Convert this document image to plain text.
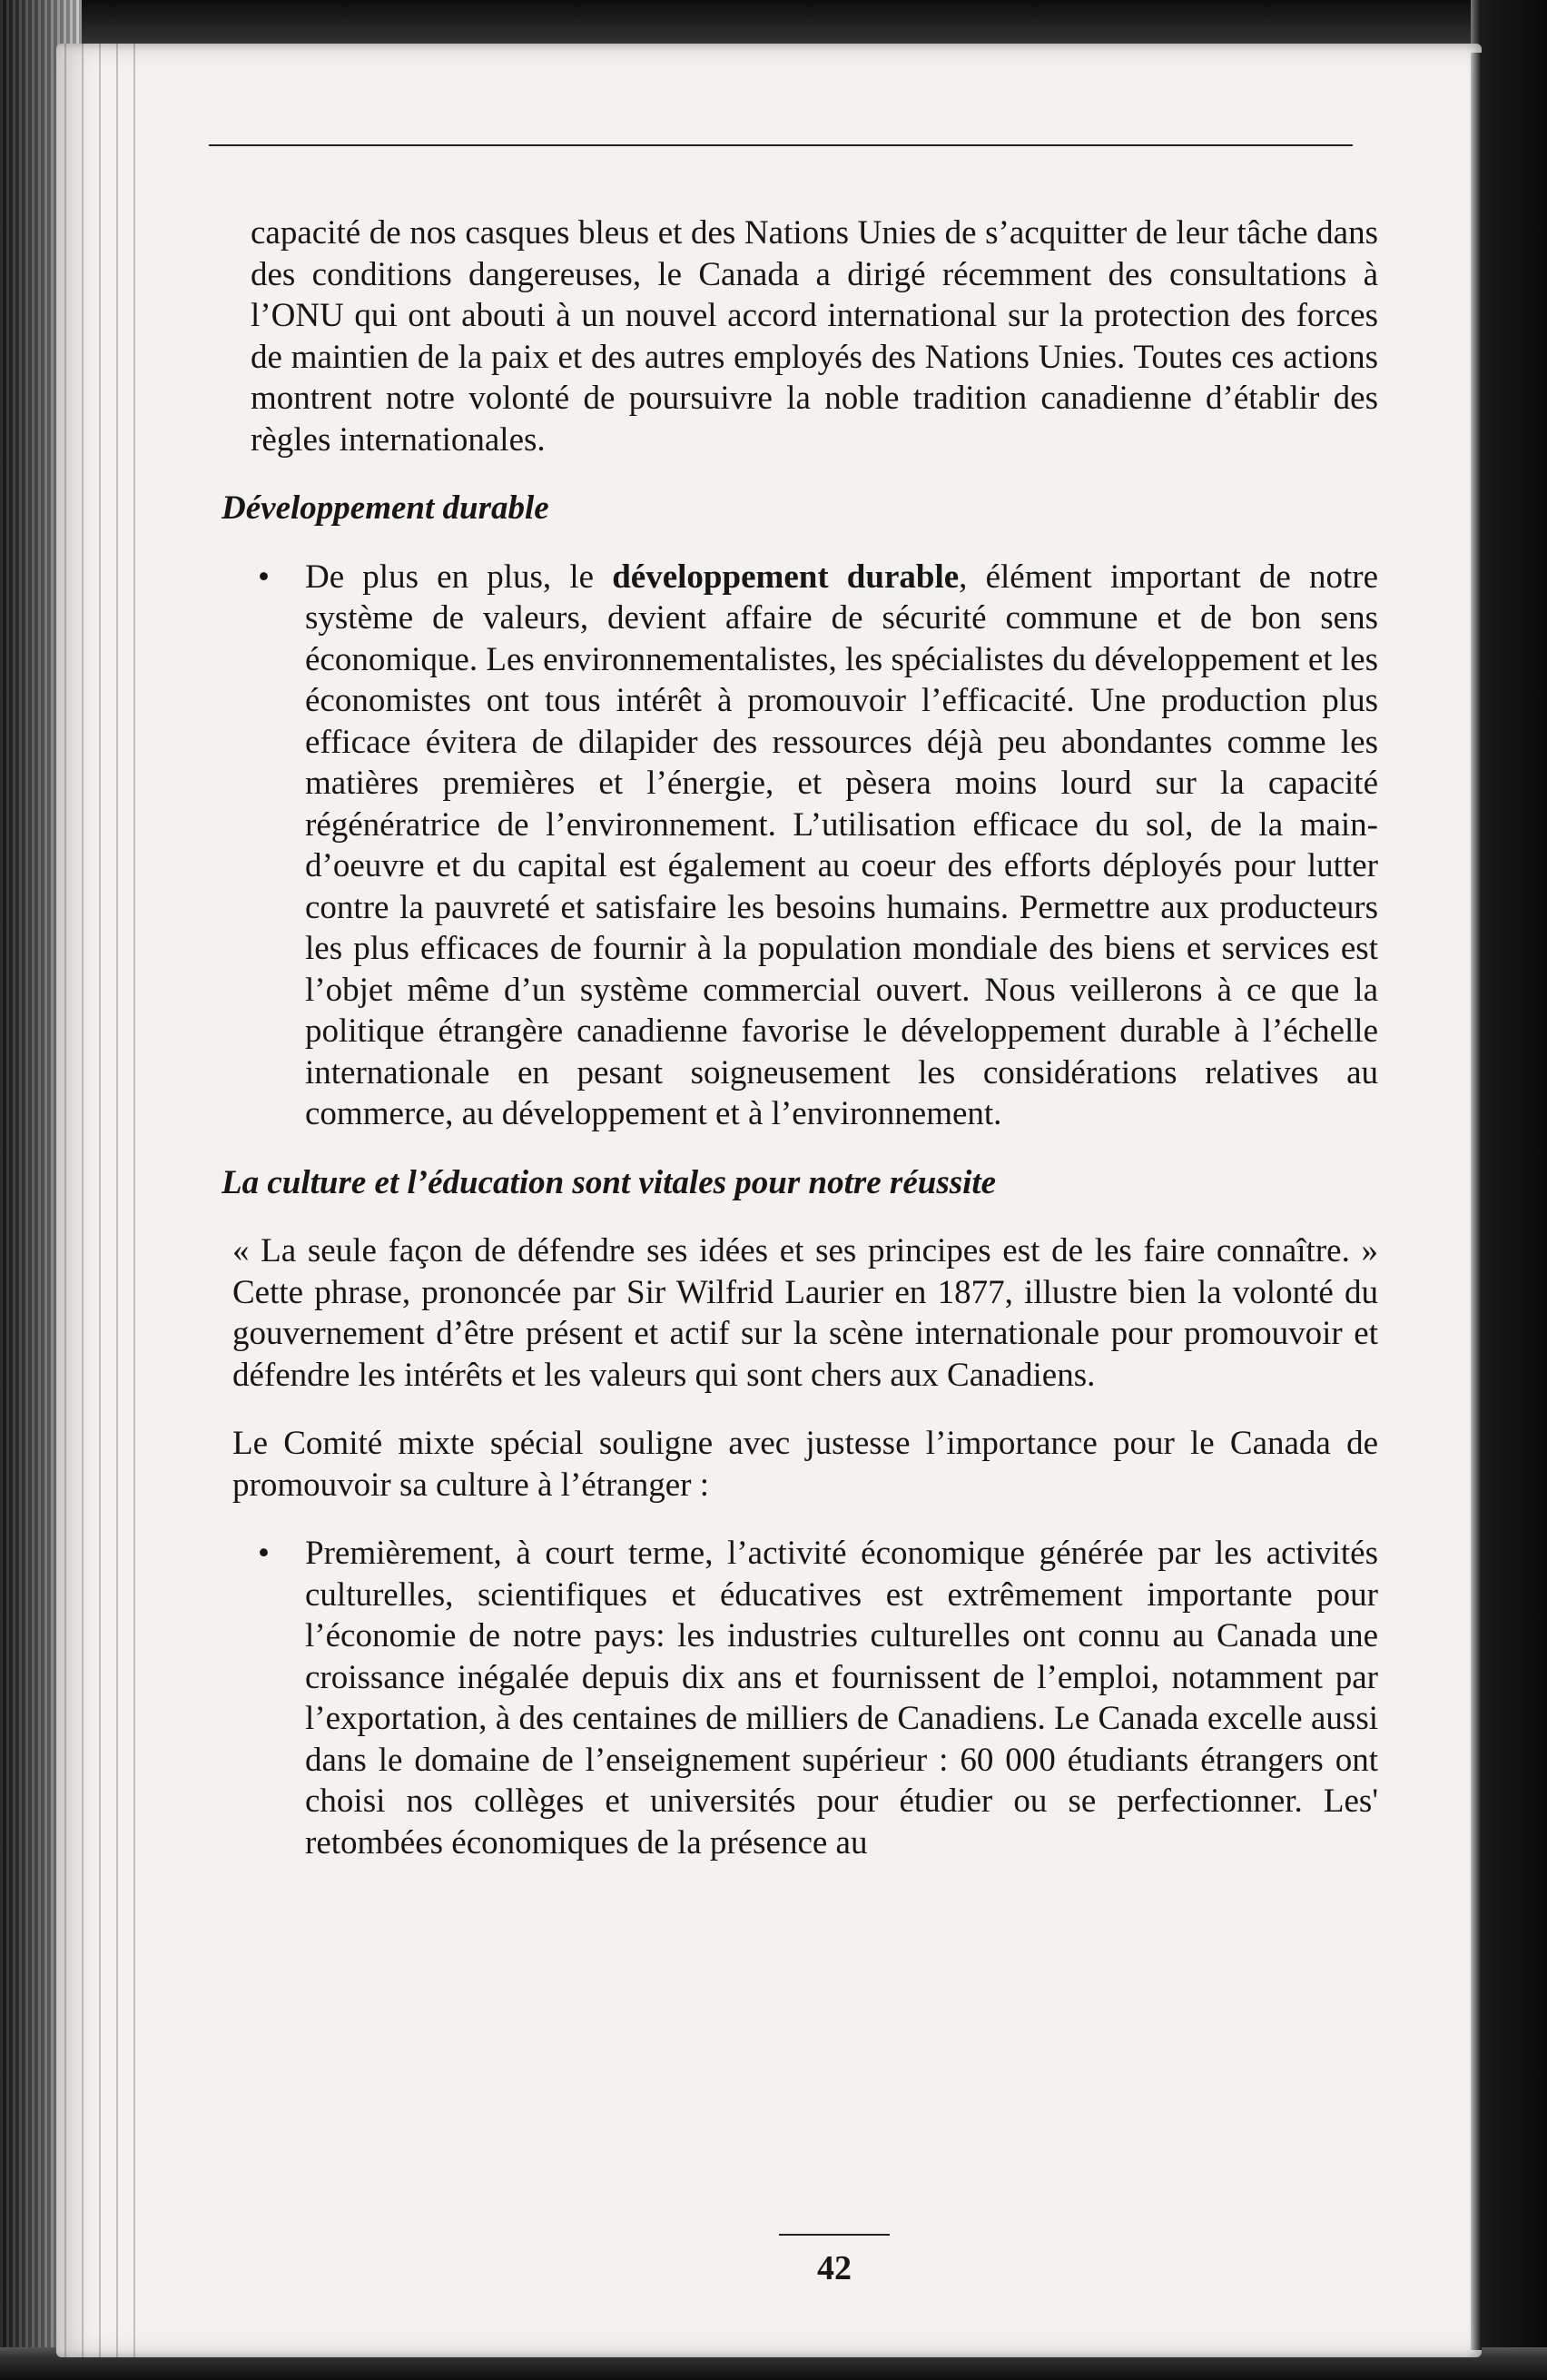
capacité de nos casques bleus et des Nations Unies de s’acquitter de leur tâche dans des conditions dangereuses, le Canada a dirigé récemment des consultations à l’ONU qui ont abouti à un nouvel accord international sur la protection des forces de maintien de la paix et des autres employés des Nations Unies. Toutes ces actions montrent notre volonté de poursuivre la noble tradition canadienne d’établir des règles internationales.

Développement durable

• De plus en plus, le développement durable, élément important de notre système de valeurs, devient affaire de sécurité commune et de bon sens économique. Les environnementalistes, les spécialistes du développement et les économistes ont tous intérêt à promouvoir l’efficacité. Une production plus efficace évitera de dilapider des ressources déjà peu abondantes comme les matières premières et l’énergie, et pèsera moins lourd sur la capacité régénératrice de l’environnement. L’utilisation efficace du sol, de la main-d’oeuvre et du capital est également au coeur des efforts déployés pour lutter contre la pauvreté et satisfaire les besoins humains. Permettre aux producteurs les plus efficaces de fournir à la population mondiale des biens et services est l’objet même d’un système commercial ouvert. Nous veillerons à ce que la politique étrangère canadienne favorise le développement durable à l’échelle internationale en pesant soigneusement les considérations relatives au commerce, au développement et à l’environnement.

La culture et l’éducation sont vitales pour notre réussite

« La seule façon de défendre ses idées et ses principes est de les faire connaître. » Cette phrase, prononcée par Sir Wilfrid Laurier en 1877, illustre bien la volonté du gouvernement d’être présent et actif sur la scène internationale pour promouvoir et défendre les intérêts et les valeurs qui sont chers aux Canadiens.

Le Comité mixte spécial souligne avec justesse l’importance pour le Canada de promouvoir sa culture à l’étranger :

• Premièrement, à court terme, l’activité économique générée par les activités culturelles, scientifiques et éducatives est extrêmement importante pour l’économie de notre pays: les industries culturelles ont connu au Canada une croissance inégalée depuis dix ans et fournissent de l’emploi, notamment par l’exportation, à des centaines de milliers de Canadiens. Le Canada excelle aussi dans le domaine de l’enseignement supérieur : 60 000 étudiants étrangers ont choisi nos collèges et universités pour étudier ou se perfectionner. Les' retombées économiques de la présence au

42
